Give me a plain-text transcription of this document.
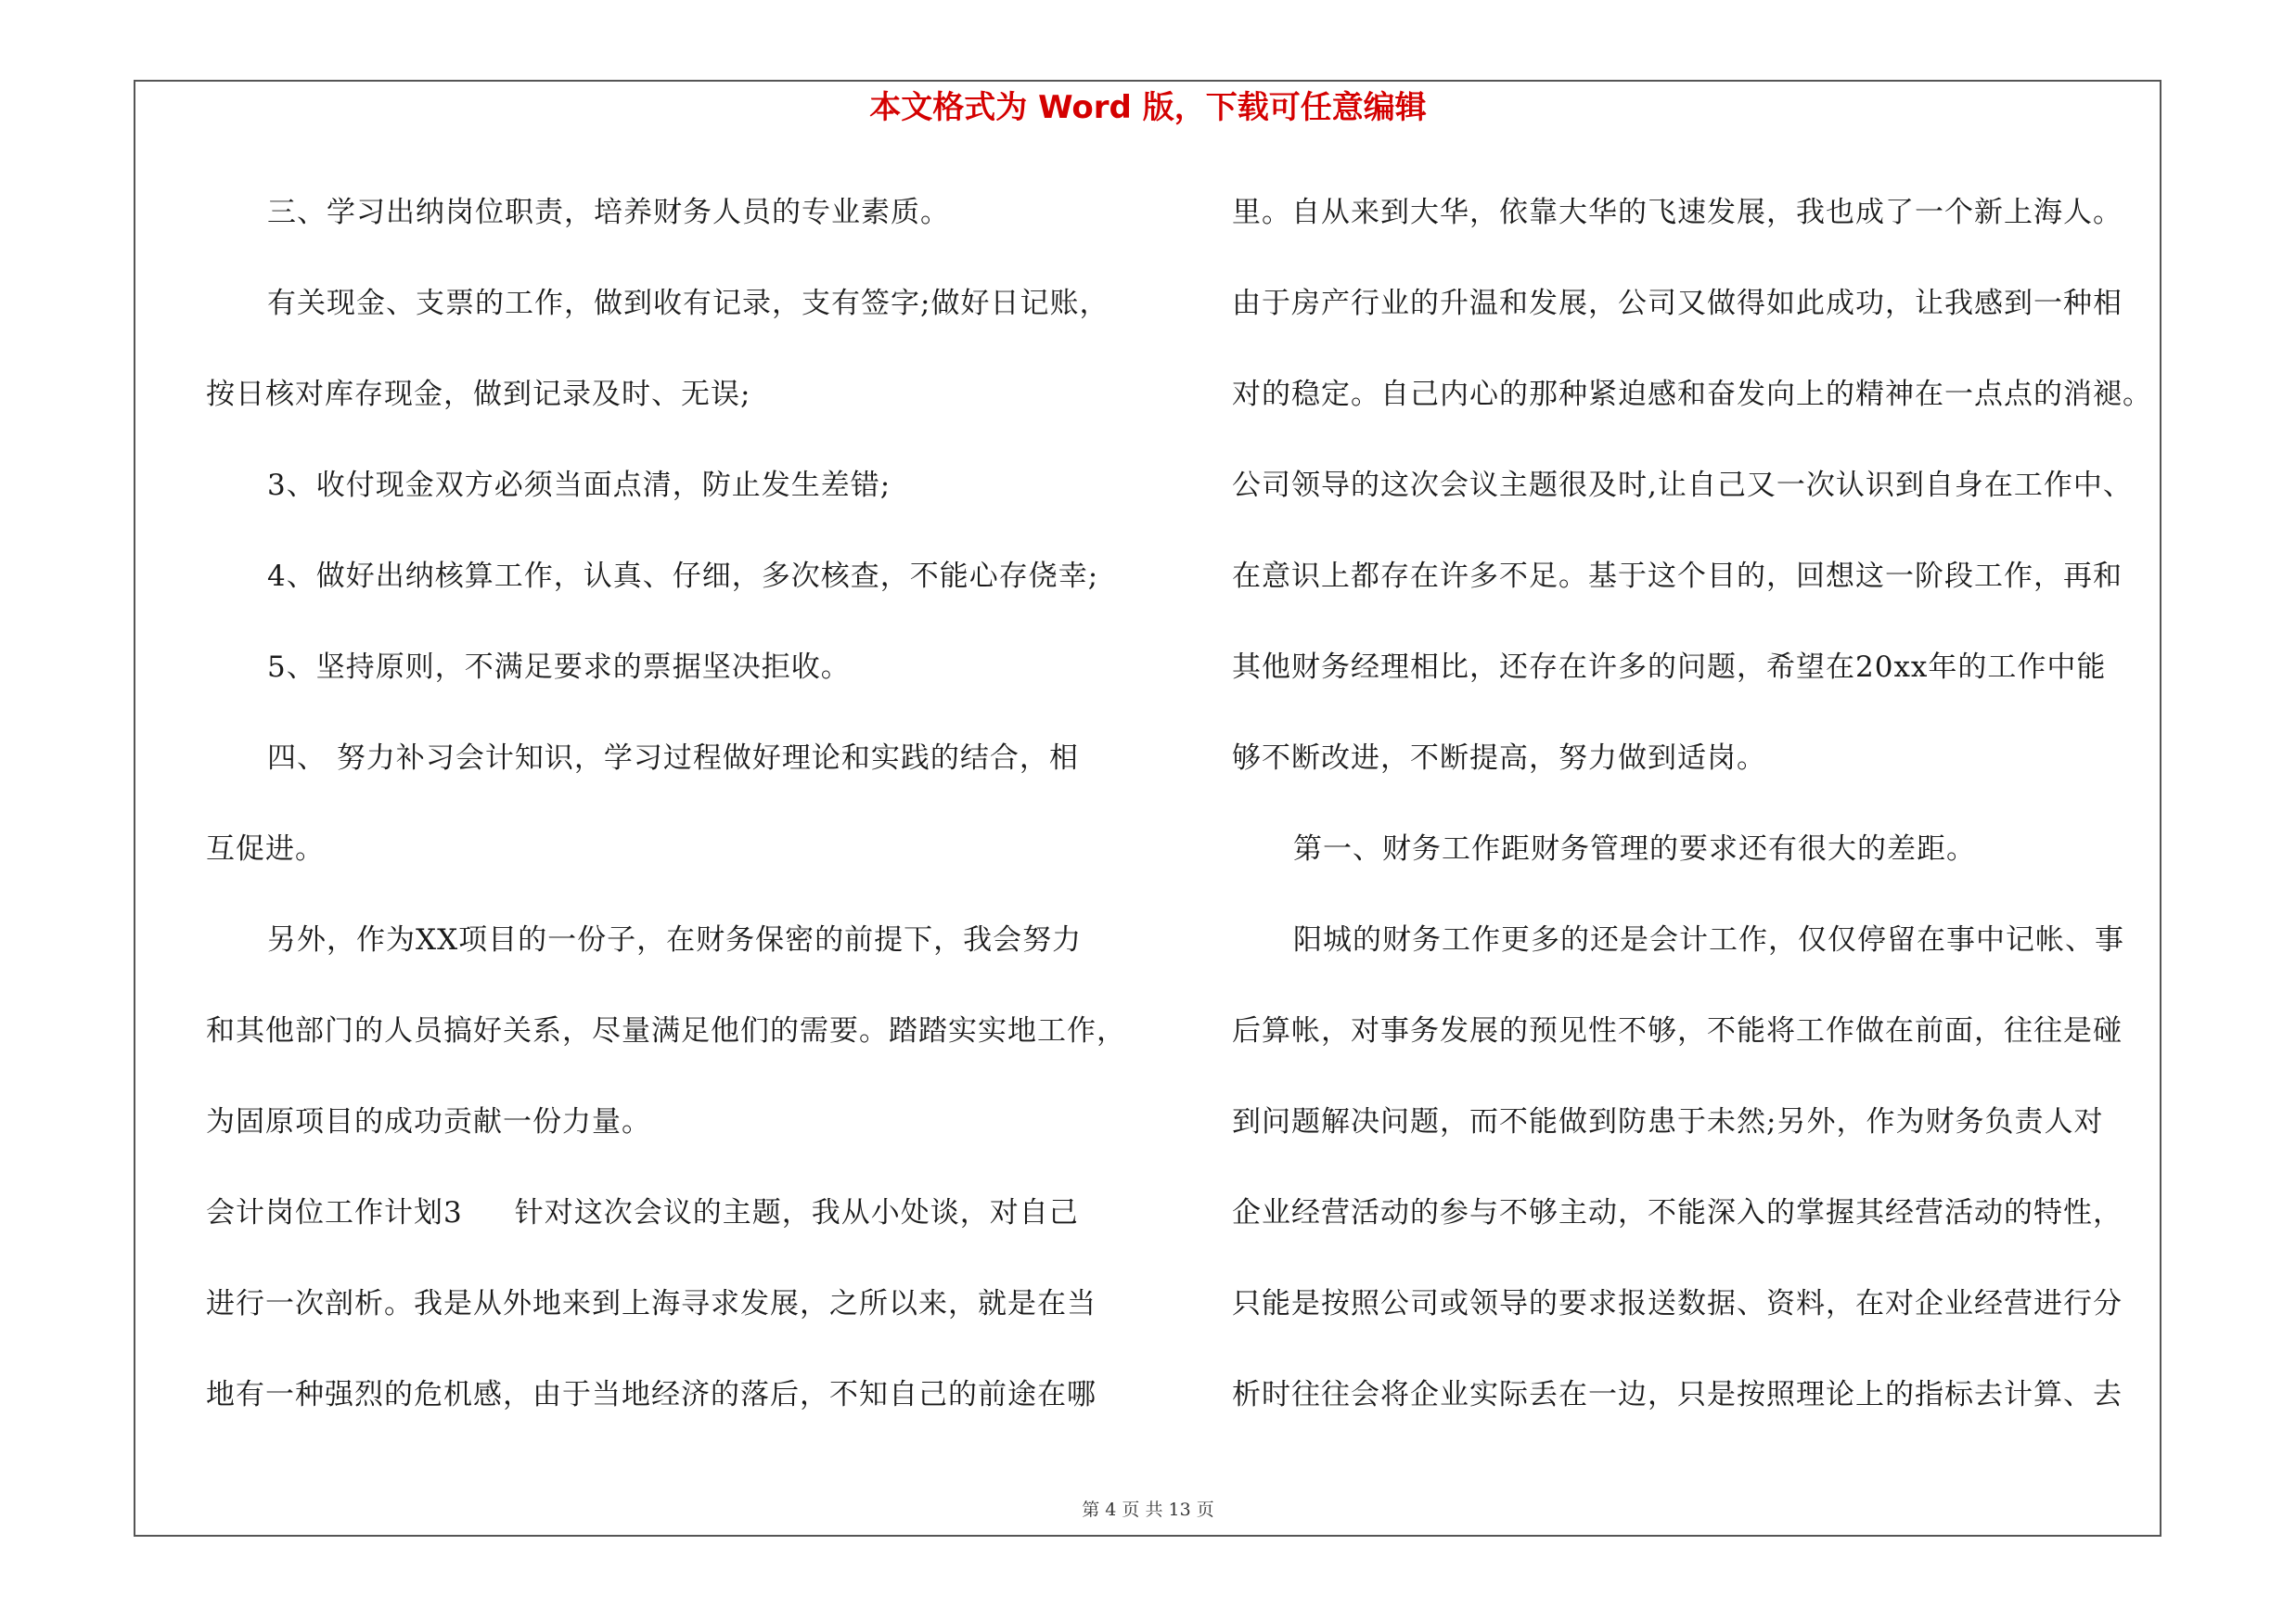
本文格式为 Word 版，下载可任意编辑
三、学习出纳岗位职责，培养财务人员的专业素质。
有关现金、支票的工作，做到收有记录，支有签字;做好日记账，
按日核对库存现金，做到记录及时、无误;
3、收付现金双方必须当面点清，防止发生差错;
4、做好出纳核算工作，认真、仔细，多次核查，不能心存侥幸;
5、坚持原则，不满足要求的票据坚决拒收。
四、 努力补习会计知识，学习过程做好理论和实践的结合，相
互促进。
另外，作为XX项目的一份子，在财务保密的前提下，我会努力
和其他部门的人员搞好关系，尽量满足他们的需要。踏踏实实地工作，
为固原项目的成功贡献一份力量。
会计岗位工作计划3 针对这次会议的主题，我从小处谈，对自己
进行一次剖析。我是从外地来到上海寻求发展，之所以来，就是在当
地有一种强烈的危机感，由于当地经济的落后，不知自己的前途在哪
里。自从来到大华，依靠大华的飞速发展，我也成了一个新上海人。
由于房产行业的升温和发展，公司又做得如此成功，让我感到一种相
对的稳定。自己内心的那种紧迫感和奋发向上的精神在一点点的消褪。
公司领导的这次会议主题很及时,让自己又一次认识到自身在工作中、
在意识上都存在许多不足。基于这个目的，回想这一阶段工作，再和
其他财务经理相比，还存在许多的问题，希望在20xx年的工作中能
够不断改进，不断提高，努力做到适岗。
第一、财务工作距财务管理的要求还有很大的差距。
阳城的财务工作更多的还是会计工作，仅仅停留在事中记帐、事
后算帐，对事务发展的预见性不够，不能将工作做在前面，往往是碰
到问题解决问题，而不能做到防患于未然;另外，作为财务负责人对
企业经营活动的参与不够主动，不能深入的掌握其经营活动的特性，
只能是按照公司或领导的要求报送数据、资料，在对企业经营进行分
析时往往会将企业实际丢在一边，只是按照理论上的指标去计算、去
第 4 页 共 13 页
